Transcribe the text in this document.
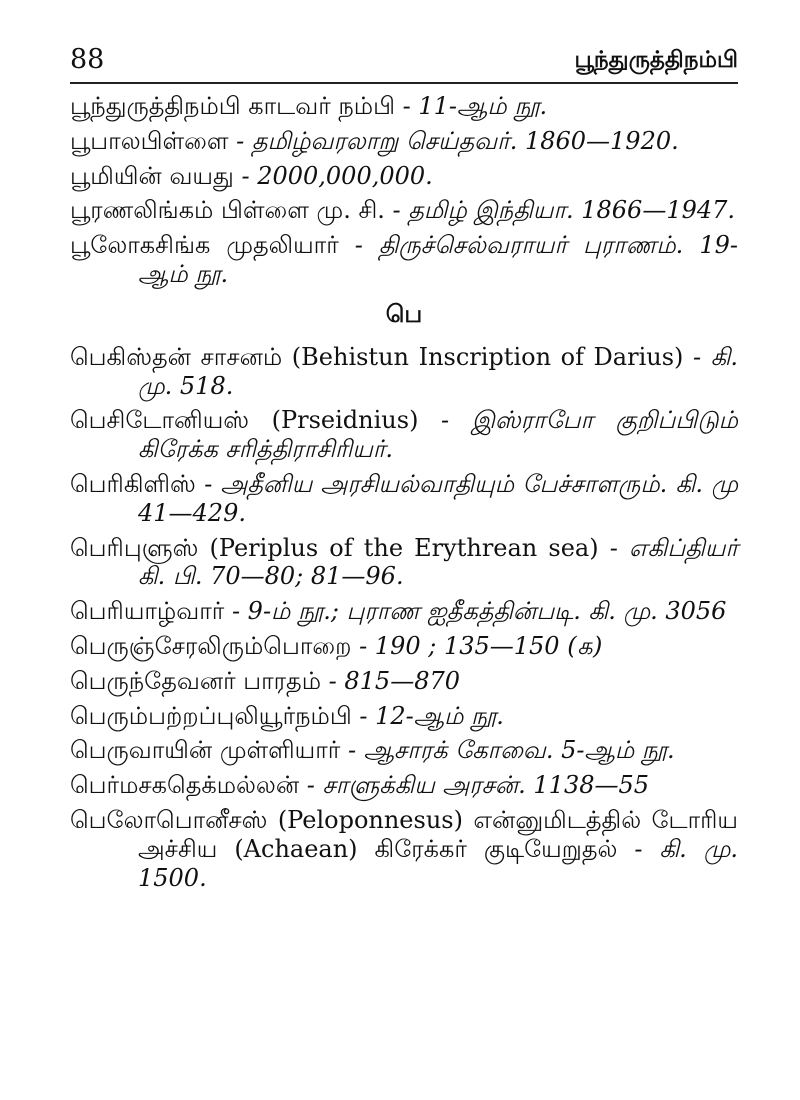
88	பூந்துருத்திநம்பி

பூந்துருத்திநம்பி காடவர் நம்பி - 11-ஆம் நூ.

பூபாலபிள்ளை - தமிழ்வரலாறு செய்தவர். 1860—1920.

பூமியின் வயது - 2000,000,000.

பூரணலிங்கம் பிள்ளை மு. சி. - தமிழ் இந்தியா. 1866—1947.

பூலோகசிங்க முதலியார் - திருச்செல்வராயர் புராணம். 19-ஆம் நூ.

பெ

பெகிஸ்தன் சாசனம் (Behistun Inscription of Darius) - கி. மு. 518.

பெசிடோனியஸ் (Prseidnius) - இஸ்ராபோ குறிப்பிடும் கிரேக்க சரித்திராசிரியர்.

பெரிகிளிஸ் - அதீனிய அரசியல்வாதியும் பேச்சாளரும். கி. மு 41—429.

பெரிபுளுஸ் (Periplus of the Erythrean sea) - எகிப்தியர் கி. பி. 70—80; 81—96.

பெரியாழ்வார் - 9-ம் நூ.; புராண ஐதீகத்தின்படி. கி. மு. 3056

பெருஞ்சேரலிரும்பொறை - 190 ; 135—150 (௧)

பெருந்தேவனர் பாரதம் - 815—870

பெரும்பற்றப்புலியூர்நம்பி - 12-ஆம் நூ.

பெருவாயின் முள்ளியார் - ஆசாரக் கோவை. 5-ஆம் நூ.

பெர்மசகதெக்மல்லன் - சாளுக்கிய அரசன். 1138—55

பெலோபொனீசஸ் (Peloponnesus) என்னுமிடத்தில் டோரிய அச்சிய (Achaean) கிரேக்கர் குடியேறுதல் - கி. மு. 1500.
